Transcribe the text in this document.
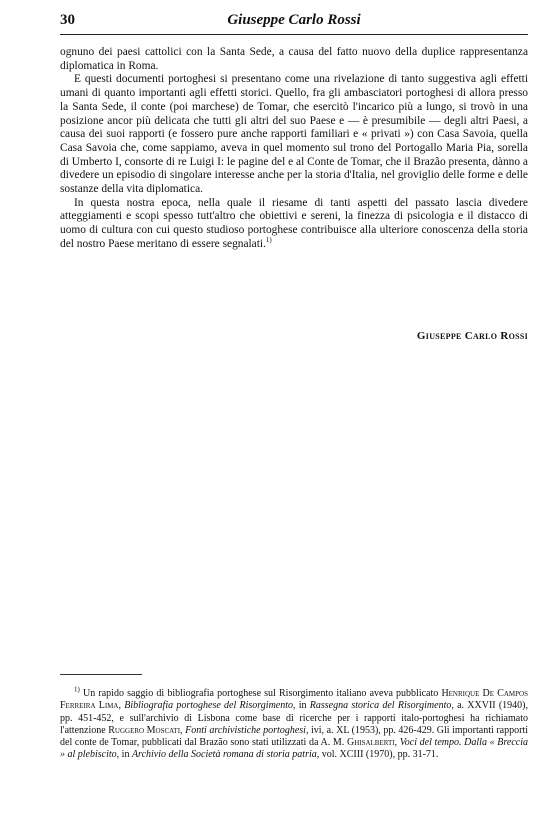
30	Giuseppe Carlo Rossi

ognuno dei paesi cattolici con la Santa Sede, a causa del fatto nuovo della duplice rappresentanza diplomatica in Roma.

E questi documenti portoghesi si presentano come una rivelazione di tanto suggestiva agli effetti umani di quanto importanti agli effetti storici. Quello, fra gli ambasciatori portoghesi di allora presso la Santa Sede, il conte (poi marchese) de Tomar, che esercitò l'incarico più a lungo, si trovò in una posizione ancor più delicata che tutti gli altri del suo Paese e — è presumibile — degli altri Paesi, a causa dei suoi rapporti (e fossero pure anche rapporti familiari e « privati ») con Casa Savoia, quella Casa Savoia che, come sappiamo, aveva in quel momento sul trono del Portogallo Maria Pia, sorella di Umberto I, consorte di re Luigi I: le pagine del e al Conte de Tomar, che il Brazão presenta, dànno a divedere un episodio di singolare interesse anche per la storia d'Italia, nel groviglio delle forme e delle sostanze della vita diplomatica.

In questa nostra epoca, nella quale il riesame di tanti aspetti del passato lascia divedere atteggiamenti e scopi spesso tutt'altro che obiettivi e sereni, la finezza di psicologia e il distacco di uomo di cultura con cui questo studioso portoghese contribuisce alla ulteriore conoscenza della storia del nostro Paese meritano di essere segnalati.$^{1)}$

Giuseppe Carlo Rossi
$^{1)}$ Un rapido saggio di bibliografia portoghese sul Risorgimento italiano aveva pubblicato Henrique De Campos Ferreira Lima, Bibliografia portoghese del Risorgimento, in Rassegna storica del Risorgimento, a. XXVII (1940), pp. 451-452, e sull'archivio di Lisbona come base di ricerche per i rapporti italo-portoghesi ha richiamato l'attenzione Ruggero Moscati, Fonti archivistiche portoghesi, ivi, a. XL (1953), pp. 426-429. Gli importanti rapporti del conte de Tomar, pubblicati dal Brazão sono stati utilizzati da A. M. Ghisalberti, Voci del tempo. Dalla « Breccia » al plebiscito, in Archivio della Società romana di storia patria, vol. XCIII (1970), pp. 31-71.
